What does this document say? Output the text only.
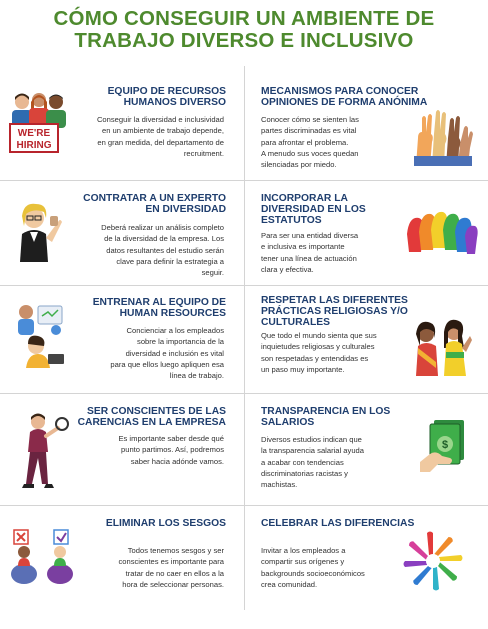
CÓMO CONSEGUIR UN AMBIENTE DE
TRABAJO DIVERSO E INCLUSIVO
WE'RE
HIRING
EQUIPO DE RECURSOS
HUMANOS DIVERSO
Conseguir la diversidad e inclusividad
en un ambiente de trabajo depende,
en gran medida, del departamento de
recruitment.
MECANISMOS PARA CONOCER
OPINIONES DE FORMA ANÓNIMA
Conocer cómo se sienten las
partes discriminadas es vital
para afrontar el problema.
A menudo sus voces quedan
silenciadas por miedo.
CONTRATAR A UN EXPERTO
EN DIVERSIDAD
Deberá realizar un análisis completo
de la diversidad de la empresa. Los
datos resultantes del estudio serán
clave para definir la estrategia a
seguir.
INCORPORAR LA
DIVERSIDAD EN LOS
ESTATUTOS
Para ser una entidad diversa
e inclusiva es importante
tener una línea de actuación
clara y efectiva.
ENTRENAR AL EQUIPO DE
HUMAN RESOURCES
Concienciar a los empleados
sobre la importancia de la
diversidad e inclusión es vital
para que ellos luego apliquen esa
línea de trabajo.
RESPETAR LAS DIFERENTES
PRÁCTICAS RELIGIOSAS Y/O
CULTURALES
Que todo el mundo sienta que sus
inquietudes religiosas y culturales
son respetadas y entendidas es
un paso muy importante.
SER CONSCIENTES DE LAS
CARENCIAS EN LA EMPRESA
Es importante saber desde qué
punto partimos. Así, podremos
saber hacia adónde vamos.
TRANSPARENCIA EN LOS
SALARIOS
Diversos estudios indican que
la transparencia salarial ayuda
a acabar con tendencias
discriminatorias racistas y
machistas.
$
ELIMINAR LOS SESGOS
Todos tenemos sesgos y ser
conscientes es importante para
tratar de no caer en ellos a la
hora de seleccionar personas.
CELEBRAR LAS DIFERENCIAS
Invitar a los empleados a
compartir sus orígenes y
backgrounds socioeconómicos
crea comunidad.
